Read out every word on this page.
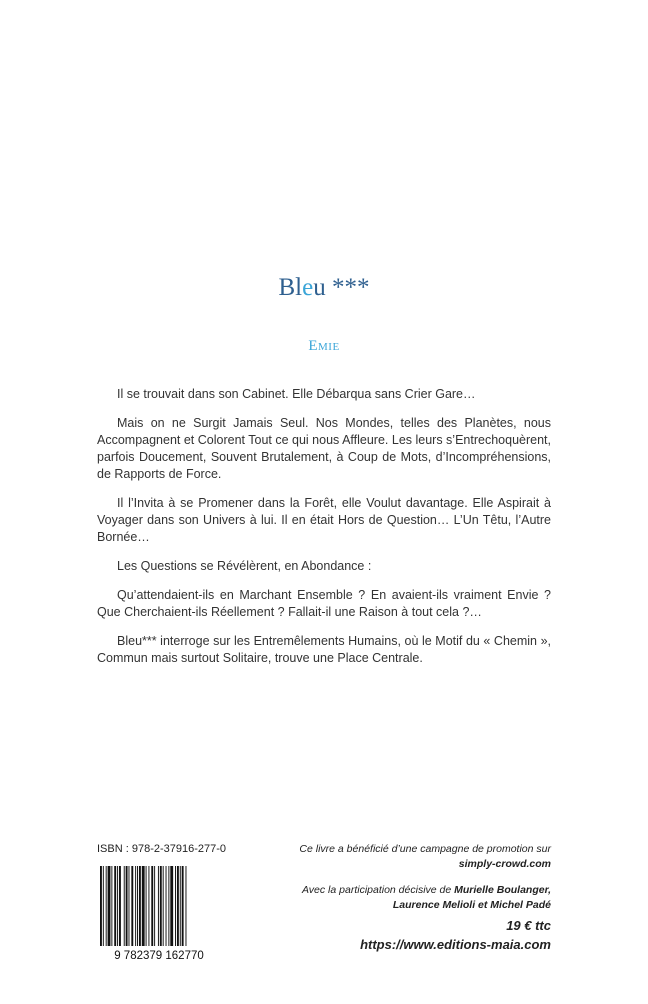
Bleu ***
EMIE

Il se trouvait dans son Cabinet. Elle Débarqua sans Crier Gare…

Mais on ne Surgit Jamais Seul. Nos Mondes, telles des Planètes, nous Accompagnent et Colorent Tout ce qui nous Affleure. Les leurs s’Entrechoquèrent, parfois Doucement, Souvent Brutalement, à Coup de Mots, d’Incompréhensions, de Rapports de Force.

Il l’Invita à se Promener dans la Forêt, elle Voulut davantage. Elle Aspirait à Voyager dans son Univers à lui. Il en était Hors de Question… L’Un Têtu, l’Autre Bornée…

Les Questions se Révélèrent, en Abondance :

Qu’attendaient-ils en Marchant Ensemble ? En avaient-ils vraiment Envie ? Que Cherchaient-ils Réellement ? Fallait-il une Raison à tout cela ?…

Bleu*** interroge sur les Entremêlements Humains, où le Motif du « Chemin », Commun mais surtout Solitaire, trouve une Place Centrale.

ISBN : 978-2-37916-277-0
9 782379 162770
Ce livre a bénéficié d’une campagne de promotion sur
simply-crowd.com
Avec la participation décisive de Murielle Boulanger,
Laurence Melioli et Michel Padé
19 € ttc
https://www.editions-maia.com
